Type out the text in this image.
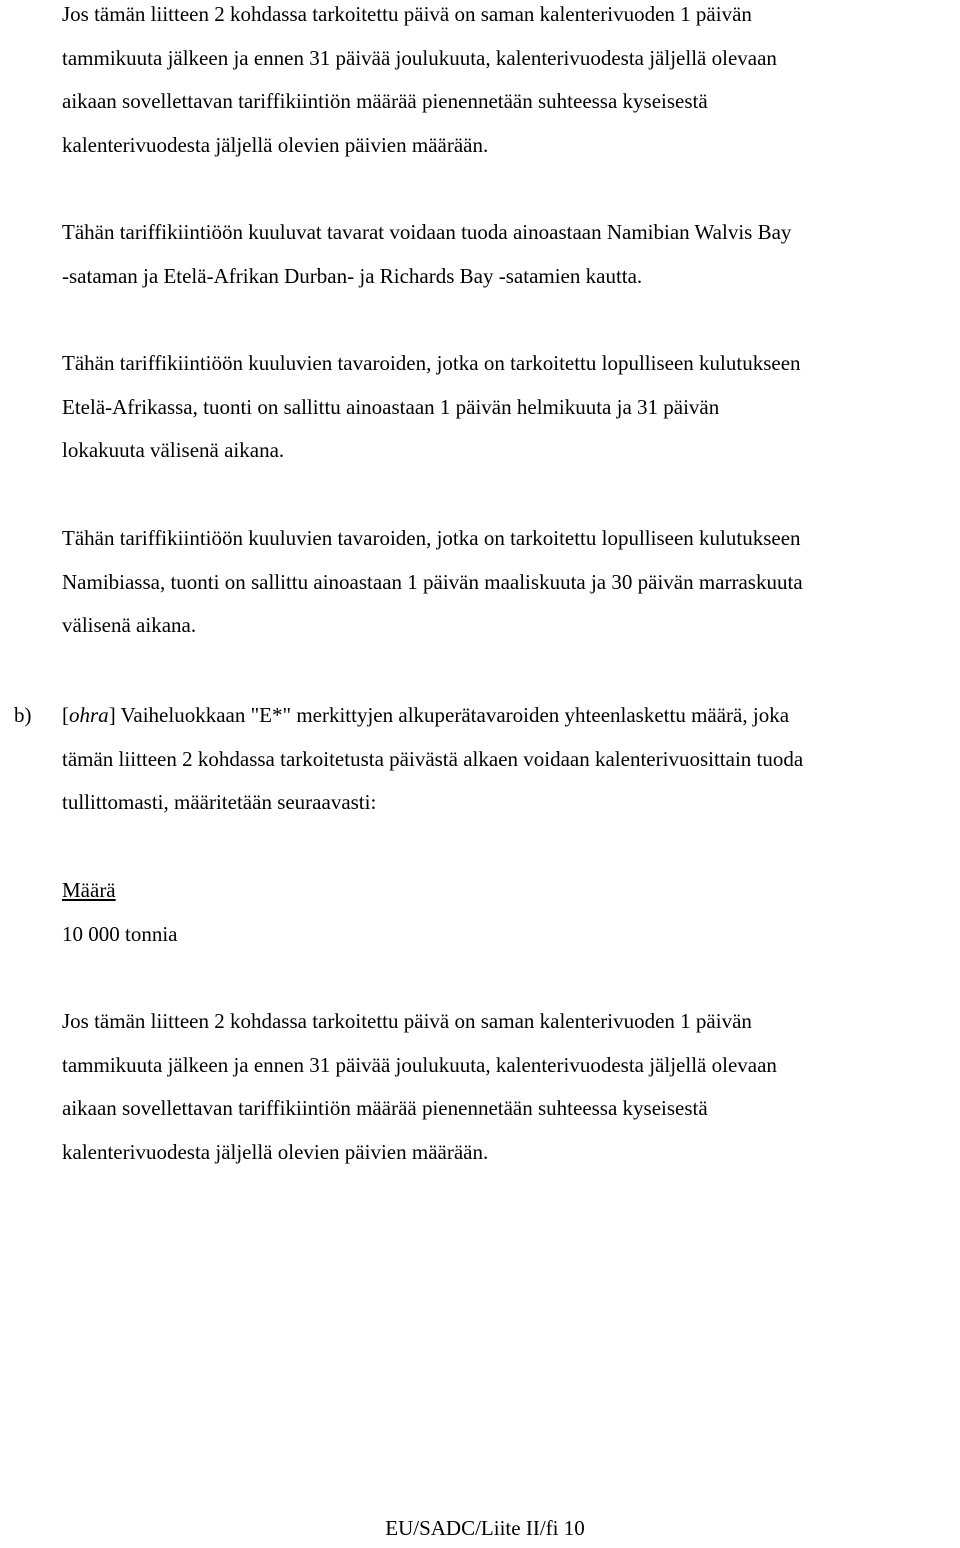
Jos tämän liitteen 2 kohdassa tarkoitettu päivä on saman kalenterivuoden 1 päivän
tammikuuta jälkeen ja ennen 31 päivää joulukuuta, kalenterivuodesta jäljellä olevaan
aikaan sovellettavan tariffikiintiön määrää pienennetään suhteessa kyseisestä
kalenterivuodesta jäljellä olevien päivien määrään.

Tähän tariffikiintiöön kuuluvat tavarat voidaan tuoda ainoastaan Namibian Walvis Bay
-sataman ja Etelä-Afrikan Durban- ja Richards Bay -satamien kautta.

Tähän tariffikiintiöön kuuluvien tavaroiden, jotka on tarkoitettu lopulliseen kulutukseen
Etelä-Afrikassa, tuonti on sallittu ainoastaan 1 päivän helmikuuta ja 31 päivän
lokakuuta välisenä aikana.

Tähän tariffikiintiöön kuuluvien tavaroiden, jotka on tarkoitettu lopulliseen kulutukseen
Namibiassa, tuonti on sallittu ainoastaan 1 päivän maaliskuuta ja 30 päivän marraskuuta
välisenä aikana.

b) [ohra] Vaiheluokkaan "E*" merkittyjen alkuperätavaroiden yhteenlaskettu määrä, joka
tämän liitteen 2 kohdassa tarkoitetusta päivästä alkaen voidaan kalenterivuosittain tuoda
tullittomasti, määritetään seuraavasti:

Määrä
10 000 tonnia

Jos tämän liitteen 2 kohdassa tarkoitettu päivä on saman kalenterivuoden 1 päivän
tammikuuta jälkeen ja ennen 31 päivää joulukuuta, kalenterivuodesta jäljellä olevaan
aikaan sovellettavan tariffikiintiön määrää pienennetään suhteessa kyseisestä
kalenterivuodesta jäljellä olevien päivien määrään.

EU/SADC/Liite II/fi 10
